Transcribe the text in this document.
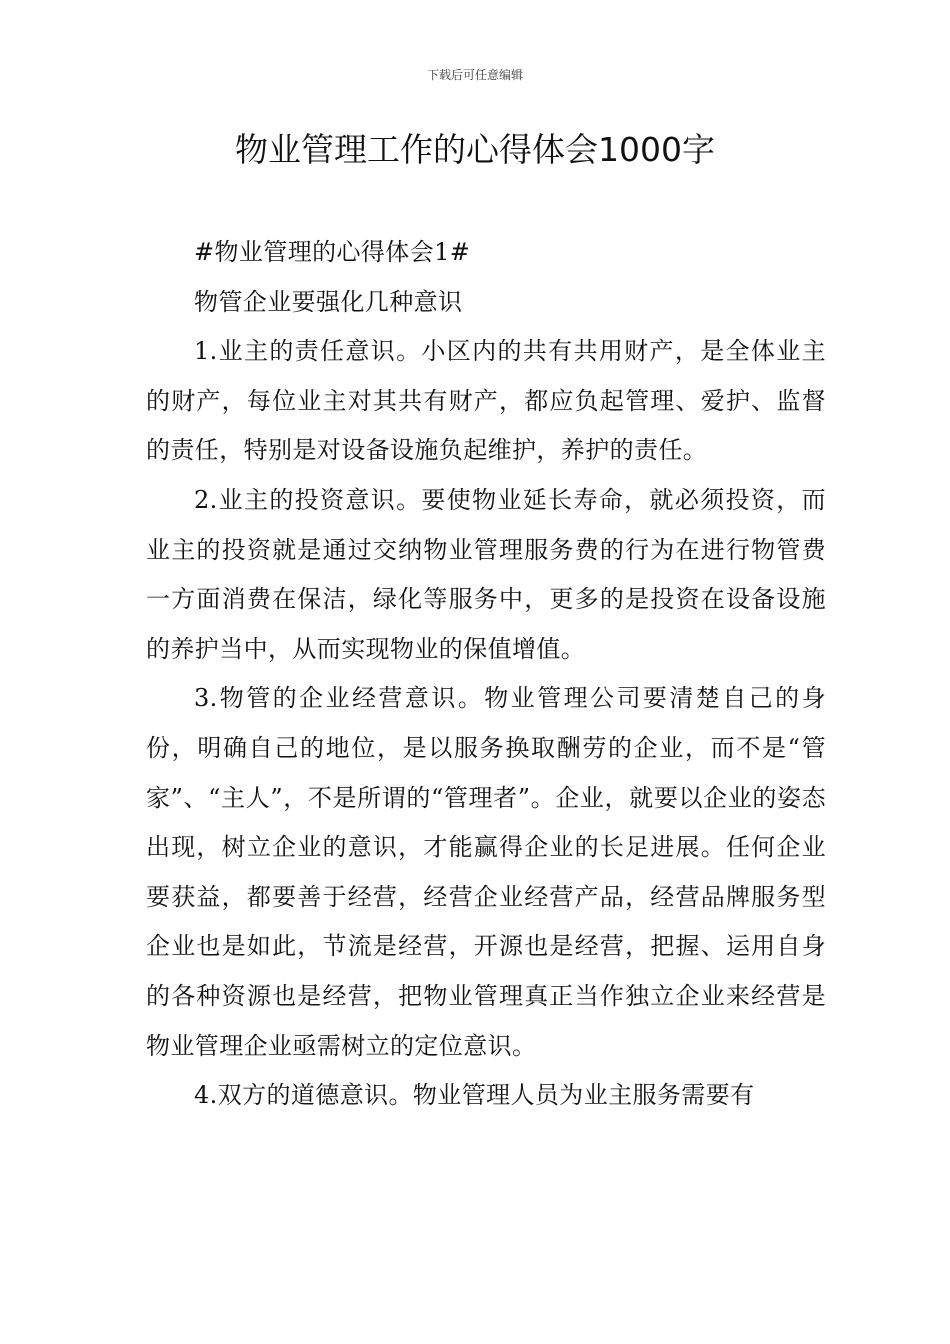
下载后可任意编辑
物业管理工作的心得体会1000字

#物业管理的心得体会1#

物管企业要强化几种意识

1.业主的责任意识。小区内的共有共用财产，是全体业主的财产，每位业主对其共有财产，都应负起管理、爱护、监督的责任，特别是对设备设施负起维护，养护的责任。

2.业主的投资意识。要使物业延长寿命，就必须投资，而业主的投资就是通过交纳物业管理服务费的行为在进行物管费一方面消费在保洁，绿化等服务中，更多的是投资在设备设施的养护当中，从而实现物业的保值增值。

3.物管的企业经营意识。物业管理公司要清楚自己的身份，明确自己的地位，是以服务换取酬劳的企业，而不是“管家”、“主人”，不是所谓的“管理者”。企业，就要以企业的姿态出现，树立企业的意识，才能赢得企业的长足进展。任何企业要获益，都要善于经营，经营企业经营产品，经营品牌服务型企业也是如此，节流是经营，开源也是经营，把握、运用自身的各种资源也是经营，把物业管理真正当作独立企业来经营是物业管理企业亟需树立的定位意识。

4.双方的道德意识。物业管理人员为业主服务需要有
